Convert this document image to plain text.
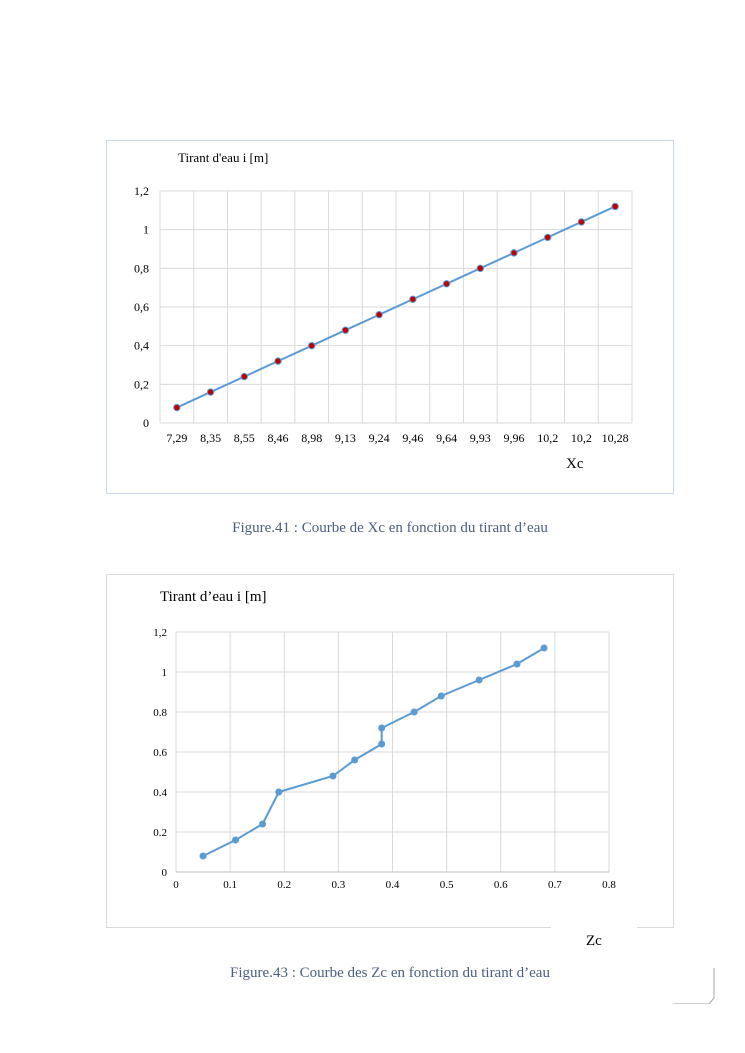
0
0,2
0,4
0,6
0,8
1
1,2
7,29 8,35 8,55 8,46 8,98 9,13 9,24 9,46 9,64 9,93 9,96 10,2 10,2 10,28
0	0.1	0.2	0.3	0.4	0.5	0.6	0.7	0.8
0
0.2
0.4
0.6
0.8
1
1,2
Tirant d'eau i [m]
Xc
Tirant d’eau i [m]
Zc
Figure.41 : Courbe de Xc en fonction du tirant d’eau
Figure.43 : Courbe des Zc en fonction du tirant d’eau
